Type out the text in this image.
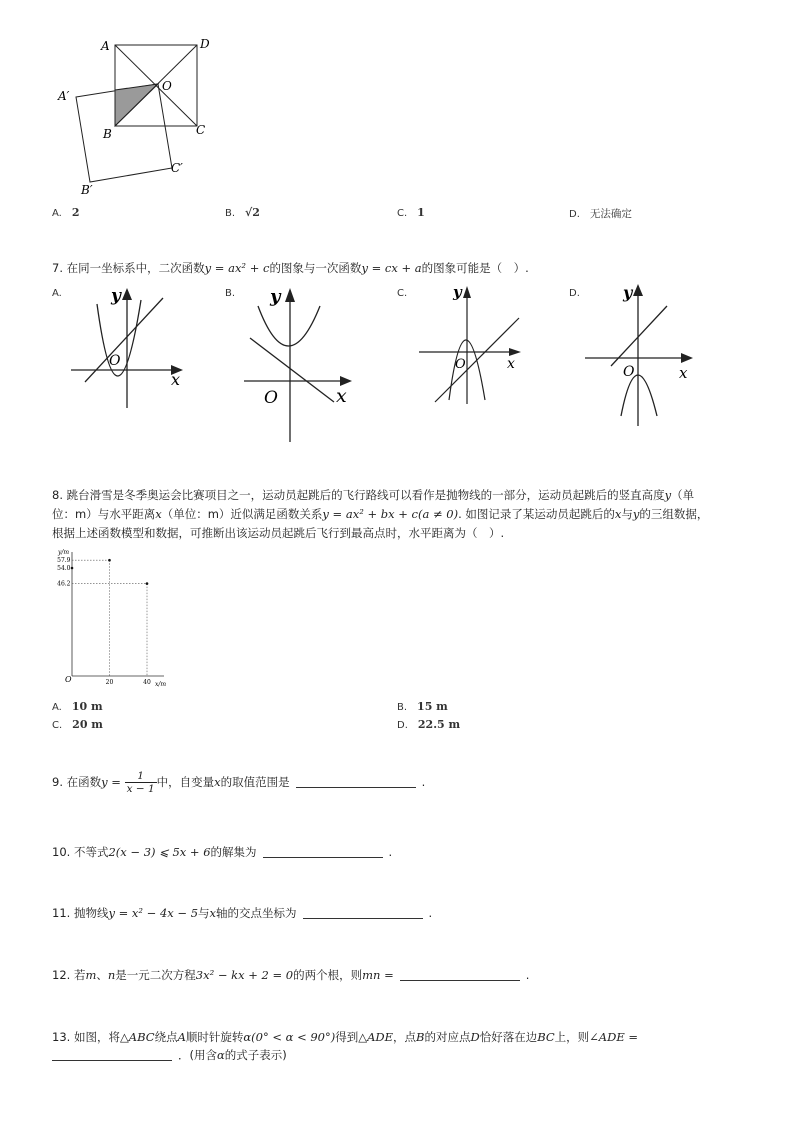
A	D
O
A′
B	C
C′
B′
A. 2	B. √2	C. 1	D. 无法确定
7. 在同一坐标系中，二次函数y = ax² + c的图象与一次函数y = cx + a的图象可能是（　）.
A.	y
O
x
B. y
O	x
C.	y
O	x
D.	y
O	x
8. 跳台滑雪是冬季奥运会比赛项目之一，运动员起跳后的飞行路线可以看作是抛物线的一部分，运动员起跳后的竖直高度y（单
位：m）与水平距离x（单位：m）近似满足函数关系y = ax² + bx + c(a ≠ 0). 如图记录了某运动员起跳后的x与y的三组数据，
根据上述函数模型和数据，可推断出该运动员起跳后飞行到最高点时，水平距离为（　）.
y/m
x/m
O
57.9
54.0
46.2
20	40
A. 10 m	B. 15 m
C. 20 m	D. 22.5 m
9. 在函数$y = \frac{1}{x - 1}$ 中，自变量x的取值范围是	.
10. 不等式2(x − 3) ⩽ 5x + 6的解集为	.
11. 抛物线y = x² − 4x − 5与x轴的交点坐标为	.
12. 若m、n是一元二次方程3x² − kx + 2 = 0的两个根，则mn =	.
13. 如图，将△ABC绕点A顺时针旋转α(0° < α < 90°)得到△ADE，点B的对应点D恰好落在边BC上，则∠ADE =
．(用含α的式子表示)
